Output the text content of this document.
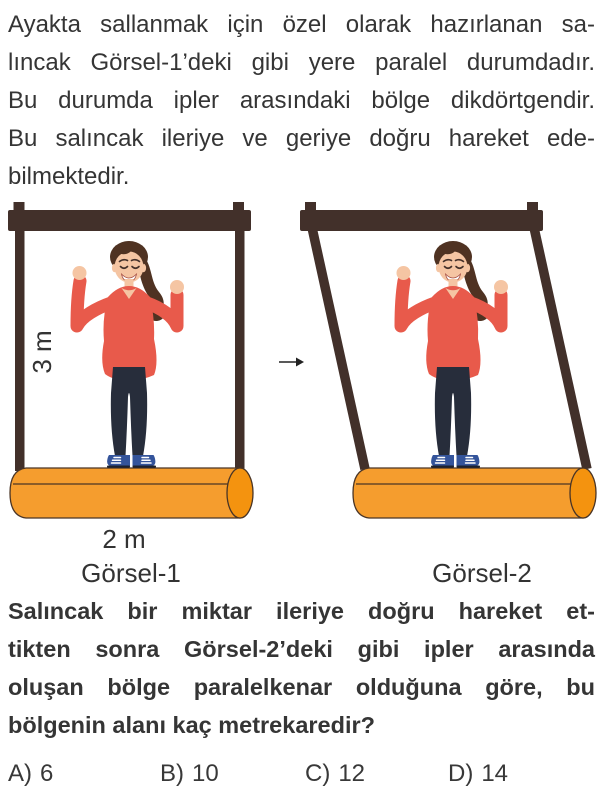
Ayakta sallanmak için özel olarak hazırlanan sa-
lıncak Görsel-1’deki gibi yere paralel durumdadır.
Bu durumda ipler arasındaki bölge dikdörtgendir.
Bu salıncak ileriye ve geriye doğru hareket ede-
bilmektedir.
3 m
2 m
Görsel-1	Görsel-2
Salıncak bir miktar ileriye doğru hareket et-
tikten sonra Görsel-2’deki gibi ipler arasında
oluşan bölge paralelkenar olduğuna göre, bu
bölgenin alanı kaç metrekaredir?
A) 6	B) 10	C) 12	D) 14
